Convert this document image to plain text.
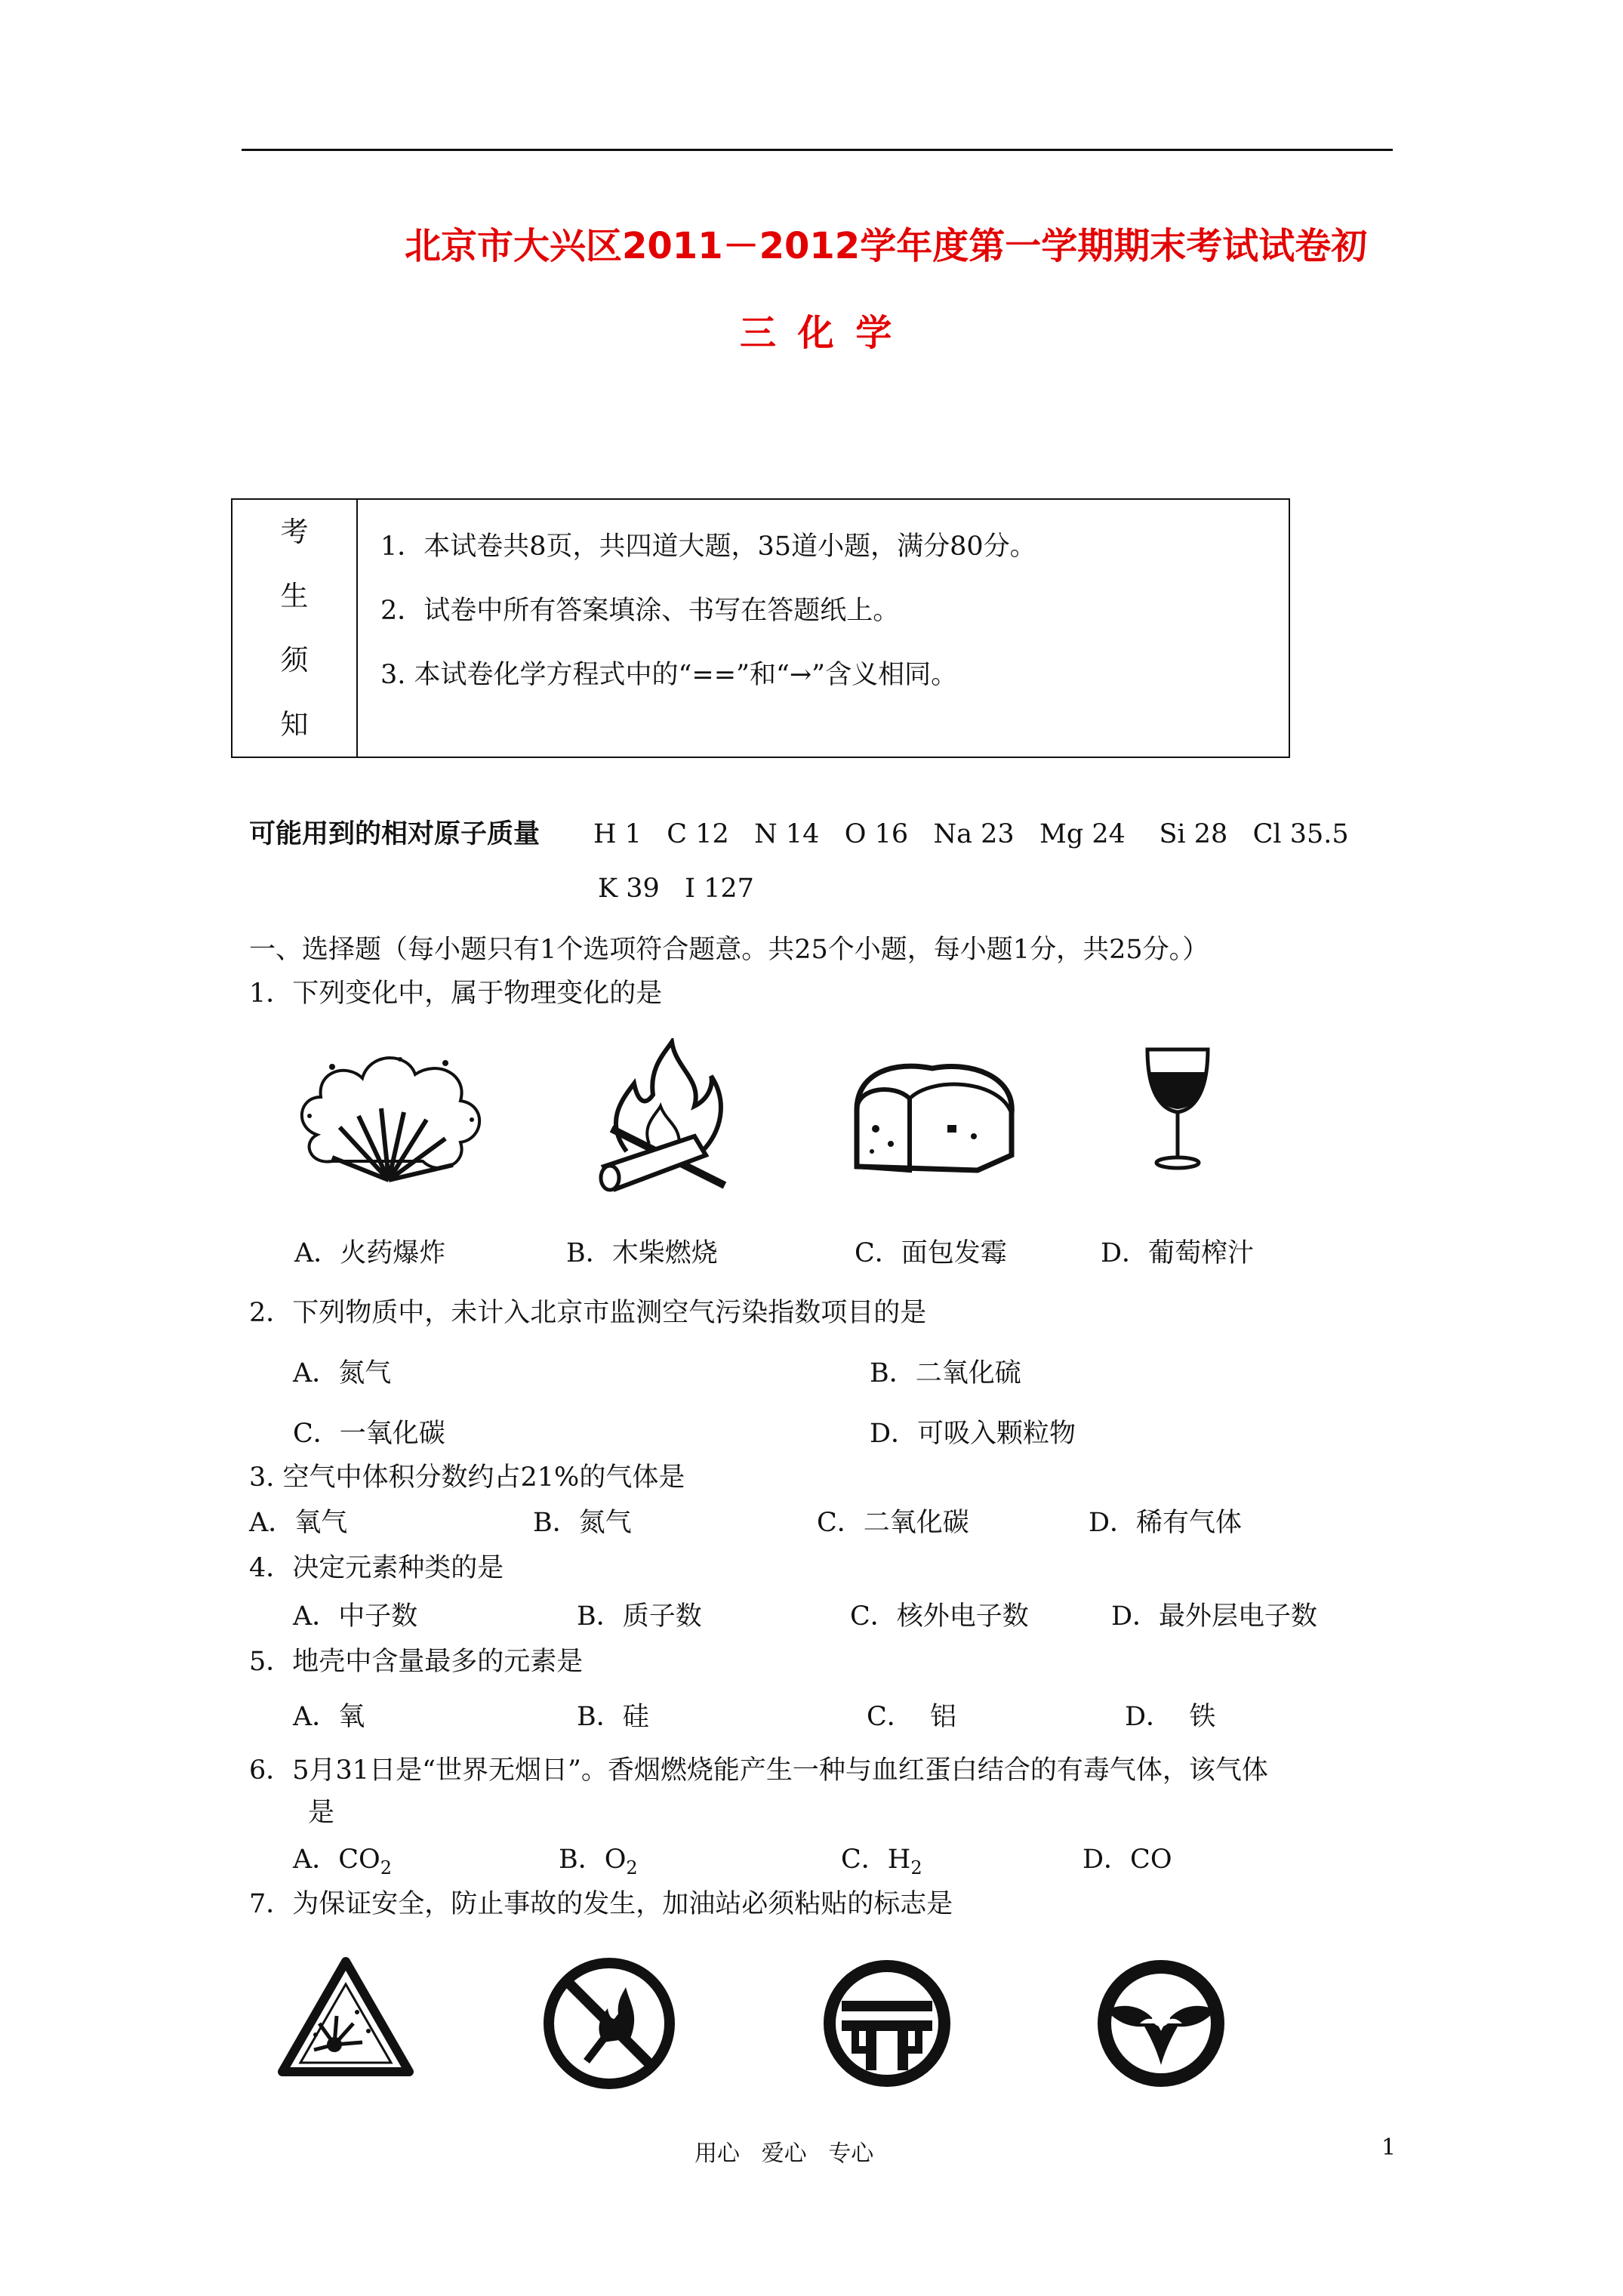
北京市大兴区2011－2012学年度第一学期期末考试试卷初
三 化 学
考
生
须
知

1．本试卷共8页，共四道大题，35道小题，满分80分。
2．试卷中所有答案填涂、书写在答题纸上。
3. 本试卷化学方程式中的“==”和“→”含义相同。
可能用到的相对原子质量 H 1   C 12   N 14   O 16   Na 23   Mg 24    Si 28   Cl 35.5
K 39   I 127
一、选择题（每小题只有1个选项符合题意。共25个小题，每小题1分，共25分。）
1．下列变化中，属于物理变化的是
A．火药爆炸	B．木柴燃烧	C．面包发霉	D．葡萄榨汁
2．下列物质中，未计入北京市监测空气污染指数项目的是
A．氮气	B．二氧化硫
C．一氧化碳	D．可吸入颗粒物
3. 空气中体积分数约占21%的气体是
A．氧气	B．氮气	C．二氧化碳	D．稀有气体
4．决定元素种类的是
A．中子数	B．质子数	C．核外电子数	D．最外层电子数
5．地壳中含量最多的元素是
A．氧	B．硅	C．  铝	D．  铁
6．5月31日是“世界无烟日”。香烟燃烧能产生一种与血红蛋白结合的有毒气体，该气体
是
A．$CO_2$	B．$O_2$	C．$H_2$	D．CO
7．为保证安全，防止事故的发生，加油站必须粘贴的标志是
用心   爱心   专心	1
